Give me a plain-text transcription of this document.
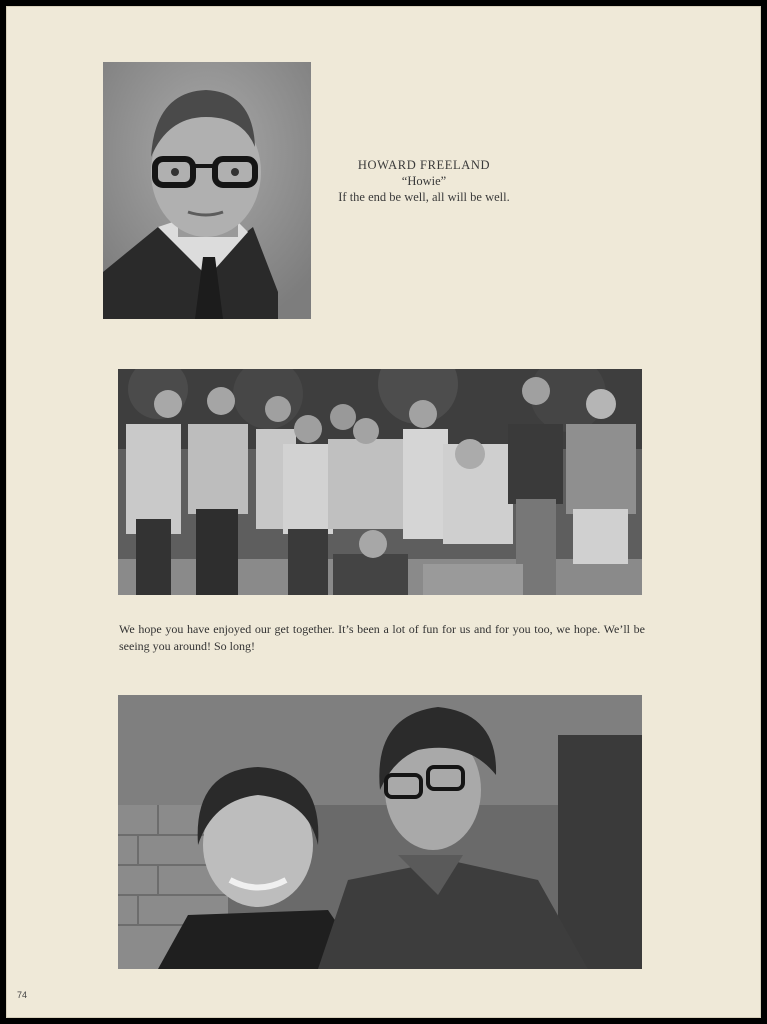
HOWARD FREELAND
“Howie”
If the end be well, all will be well.
We hope you have enjoyed our get together. It’s been a lot of fun for us and for you too, we hope. We’ll be seeing you around! So long!
74
